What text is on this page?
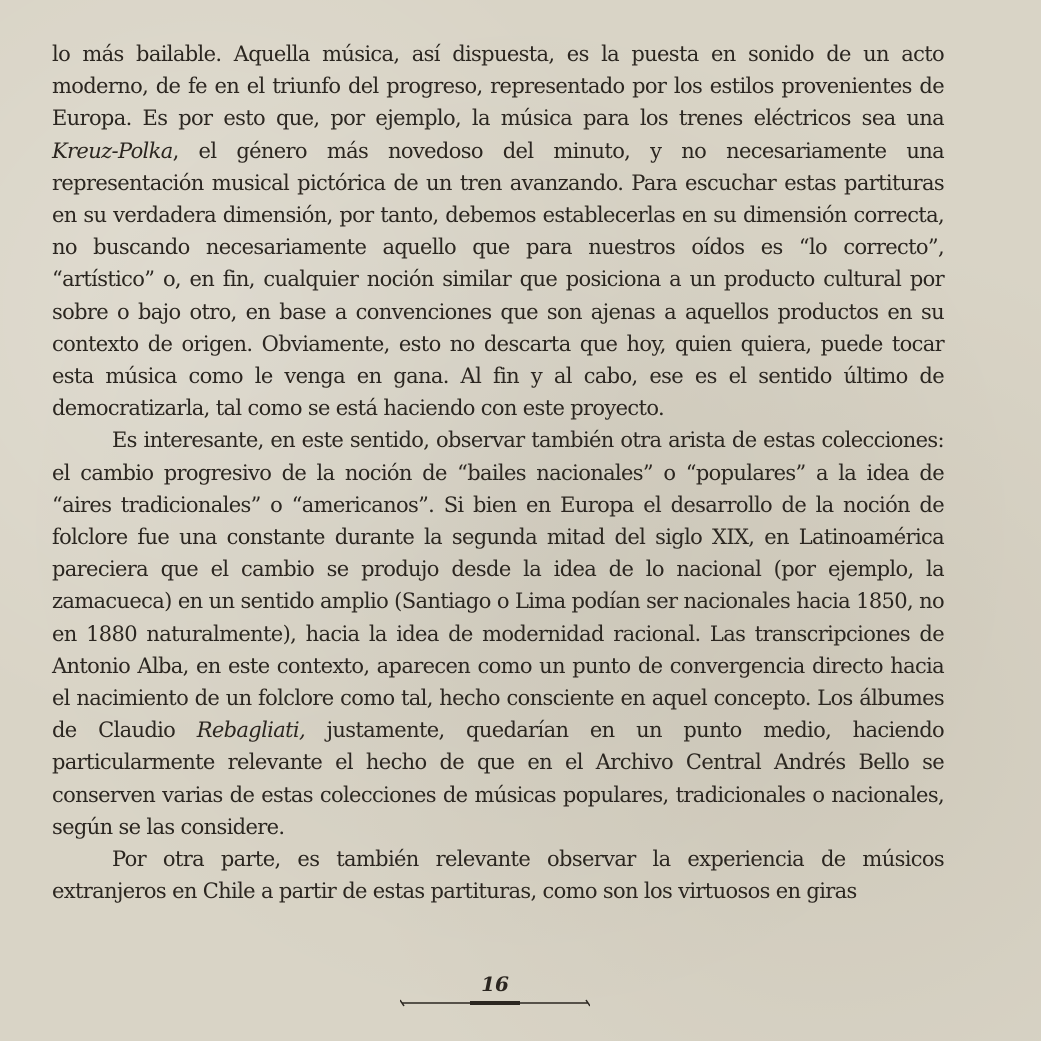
lo más bailable. Aquella música, así dispuesta, es la puesta en sonido de un acto moderno, de fe en el triunfo del progreso, representado por los estilos provenientes de Europa. Es por esto que, por ejemplo, la música para los trenes eléctricos sea una Kreuz-Polka, el género más novedoso del minuto, y no necesariamente una representación musical pictórica de un tren avanzando. Para escuchar estas partituras en su verdadera dimensión, por tanto, debemos establecerlas en su dimensión correcta, no buscando necesariamente aquello que para nuestros oídos es “lo correcto”, “artístico” o, en fin, cualquier noción similar que posiciona a un producto cultural por sobre o bajo otro, en base a convenciones que son ajenas a aquellos productos en su contexto de origen. Obviamente, esto no descarta que hoy, quien quiera, puede tocar esta música como le venga en gana. Al fin y al cabo, ese es el sentido último de democratizarla, tal como se está haciendo con este proyecto.

Es interesante, en este sentido, observar también otra arista de estas colecciones: el cambio progresivo de la noción de “bailes nacionales” o “populares” a la idea de “aires tradicionales” o “americanos”. Si bien en Europa el desarrollo de la noción de folclore fue una constante durante la segunda mitad del siglo XIX, en Latinoamérica pareciera que el cambio se produjo desde la idea de lo nacional (por ejemplo, la zamacueca) en un sentido amplio (Santiago o Lima podían ser nacionales hacia 1850, no en 1880 naturalmente), hacia la idea de modernidad racional. Las transcripciones de Antonio Alba, en este contexto, aparecen como un punto de convergencia directo hacia el nacimiento de un folclore como tal, hecho consciente en aquel concepto. Los álbumes de Claudio Rebagliati, justamente, quedarían en un punto medio, haciendo particularmente relevante el hecho de que en el Archivo Central Andrés Bello se conserven varias de estas colecciones de músicas populares, tradicionales o nacionales, según se las considere.

Por otra parte, es también relevante observar la experiencia de músicos extranjeros en Chile a partir de estas partituras, como son los virtuosos en giras

16
